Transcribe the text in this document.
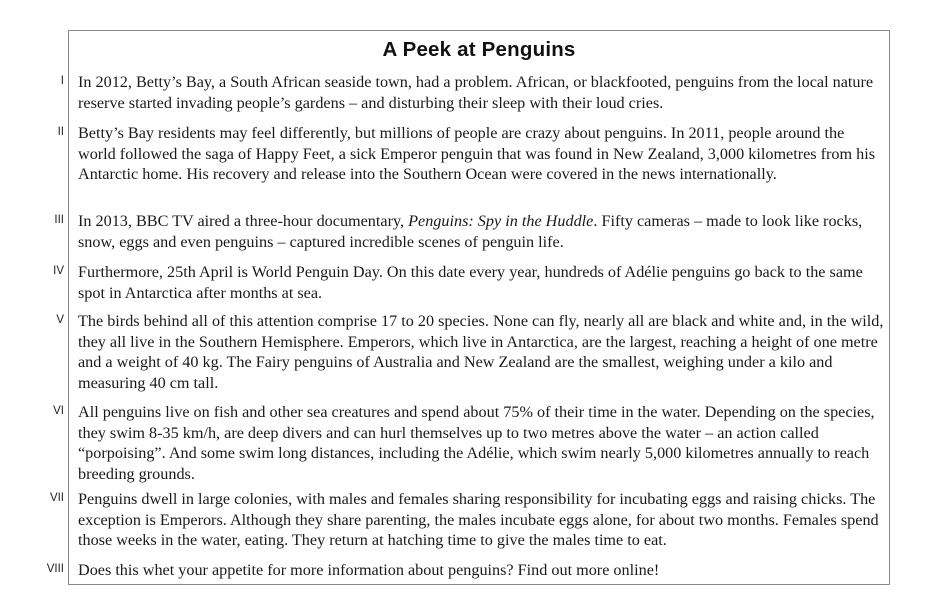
A Peek at Penguins
I In 2012, Betty’s Bay, a South African seaside town, had a problem. African, or blackfooted, penguins from the local nature reserve started invading people’s gardens – and disturbing their sleep with their loud cries.
II Betty’s Bay residents may feel differently, but millions of people are crazy about penguins. In 2011, people around the world followed the saga of Happy Feet, a sick Emperor penguin that was found in New Zealand, 3,000 kilometres from his Antarctic home. His recovery and release into the Southern Ocean were covered in the news internationally.
III In 2013, BBC TV aired a three-hour documentary, Penguins: Spy in the Huddle. Fifty cameras – made to look like rocks, snow, eggs and even penguins – captured incredible scenes of penguin life.
IV Furthermore, 25th April is World Penguin Day. On this date every year, hundreds of Adélie penguins go back to the same spot in Antarctica after months at sea.
V The birds behind all of this attention comprise 17 to 20 species. None can fly, nearly all are black and white and, in the wild, they all live in the Southern Hemisphere. Emperors, which live in Antarctica, are the largest, reaching a height of one metre and a weight of 40 kg. The Fairy penguins of Australia and New Zealand are the smallest, weighing under a kilo and measuring 40 cm tall.
VI All penguins live on fish and other sea creatures and spend about 75% of their time in the water. Depending on the species, they swim 8-35 km/h, are deep divers and can hurl themselves up to two metres above the water – an action called “porpoising”. And some swim long distances, including the Adélie, which swim nearly 5,000 kilometres annually to reach breeding grounds.
VII Penguins dwell in large colonies, with males and females sharing responsibility for incubating eggs and raising chicks. The exception is Emperors. Although they share parenting, the males incubate eggs alone, for about two months. Females spend those weeks in the water, eating. They return at hatching time to give the males time to eat.
VIII Does this whet your appetite for more information about penguins? Find out more online!
